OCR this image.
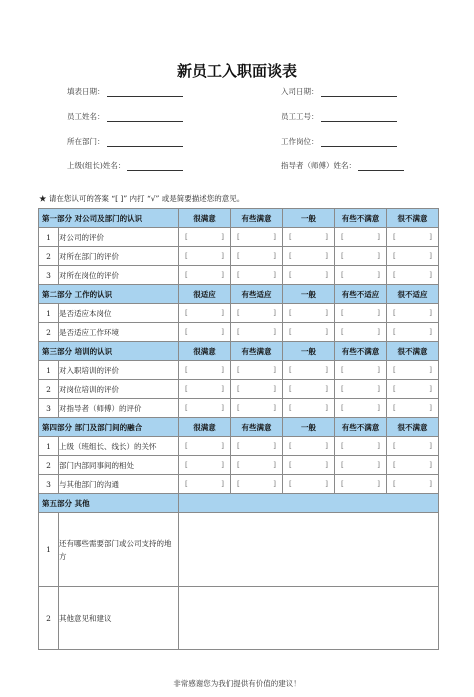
新员工入职面谈表
填表日期：	入司日期：
员工姓名：	员工工号：
所在部门：	工作岗位：
上级(组长)姓名：	指导者（师傅）姓名：
★ 请在您认可的答案 “[ ]” 内打 “√” 或是简要描述您的意见。
第一部分 对公司及部门的认识		很满意	有些满意	一般	有些不满意	很不满意
1	对公司的评价	[ ]	[ ]	[ ]	[ ]	[ ]

2	对所在部门的评价	[ ]	[ ]	[ ]	[ ]	[ ]

3	对所在岗位的评价	[ ]	[ ]	[ ]	[ ]	[ ]

第二部分 工作的认识		很适应	有些适应	一般	有些不适应	很不适应
1	是否适应本岗位	[ ]	[ ]	[ ]	[ ]	[ ]

2	是否适应工作环境	[ ]	[ ]	[ ]	[ ]	[ ]

第三部分 培训的认识		很满意	有些满意	一般	有些不满意	很不满意
1	对入职培训的评价	[ ]	[ ]	[ ]	[ ]	[ ]

2	对岗位培训的评价	[ ]	[ ]	[ ]	[ ]	[ ]

3	对指导者（师傅）的评价	[ ]	[ ]	[ ]	[ ]	[ ]

第四部分 部门及部门间的融合		很满意	有些满意	一般	有些不满意	很不满意
1	上级（班组长、线长）的关怀	[ ]	[ ]	[ ]	[ ]	[ ]

2	部门内部同事间的相处	[ ]	[ ]	[ ]	[ ]	[ ]

3	与其他部门的沟通	[ ]	[ ]	[ ]	[ ]	[ ]

第五部分 其他						
1	还有哪些需要部门或公司支持的地方					
2	其他意见和建议					
非常感谢您为我们提供有价值的建议！
